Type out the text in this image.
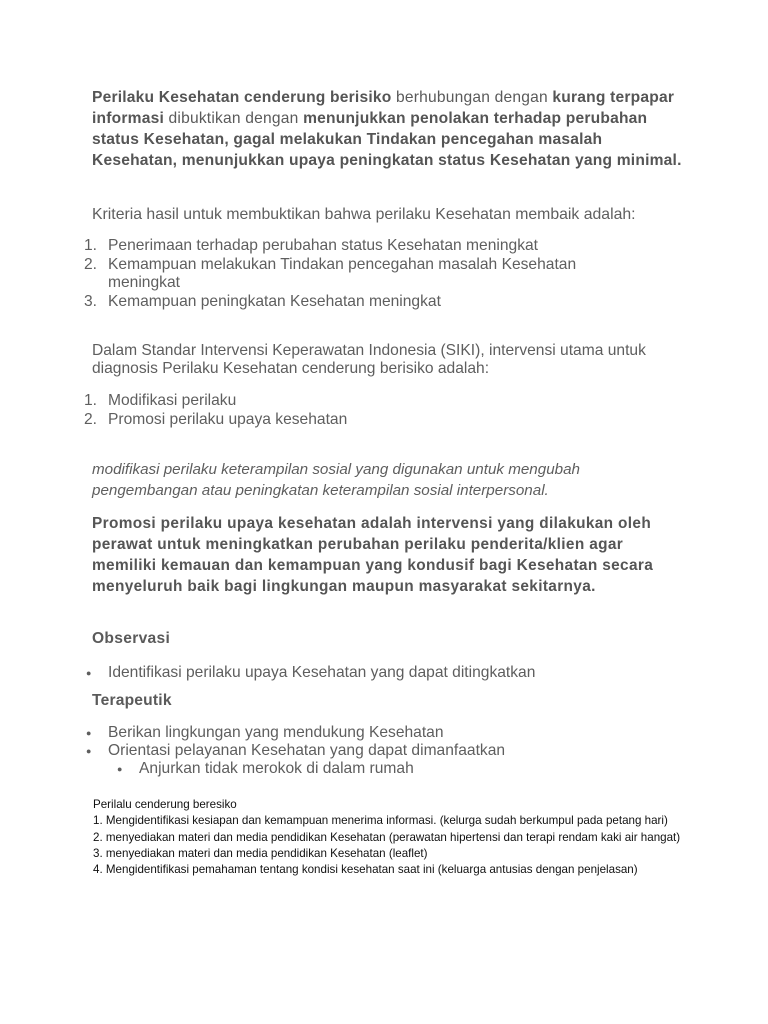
Perilaku Kesehatan cenderung berisiko berhubungan dengan kurang terpapar informasi dibuktikan dengan menunjukkan penolakan terhadap perubahan status Kesehatan, gagal melakukan Tindakan pencegahan masalah Kesehatan, menunjukkan upaya peningkatan status Kesehatan yang minimal.
Kriteria hasil untuk membuktikan bahwa perilaku Kesehatan membaik adalah:
1. Penerimaan terhadap perubahan status Kesehatan meningkat
2. Kemampuan melakukan Tindakan pencegahan masalah Kesehatan meningkat
3. Kemampuan peningkatan Kesehatan meningkat
Dalam Standar Intervensi Keperawatan Indonesia (SIKI), intervensi utama untuk diagnosis Perilaku Kesehatan cenderung berisiko adalah:
1. Modifikasi perilaku
2. Promosi perilaku upaya kesehatan
modifikasi perilaku keterampilan sosial yang digunakan untuk mengubah pengembangan atau peningkatan keterampilan sosial interpersonal.
Promosi perilaku upaya kesehatan adalah intervensi yang dilakukan oleh perawat untuk meningkatkan perubahan perilaku penderita/klien agar memiliki kemauan dan kemampuan yang kondusif bagi Kesehatan secara menyeluruh baik bagi lingkungan maupun masyarakat sekitarnya.
Observasi
●	Identifikasi perilaku upaya Kesehatan yang dapat ditingkatkan
Terapeutik
●	Berikan lingkungan yang mendukung Kesehatan
●	Orientasi pelayanan Kesehatan yang dapat dimanfaatkan
●	Anjurkan tidak merokok di dalam rumah
Perilalu cenderung beresiko
1. Mengidentifikasi kesiapan dan kemampuan menerima informasi. (kelurga sudah berkumpul pada petang hari)
2. menyediakan materi dan media pendidikan Kesehatan (perawatan hipertensi dan terapi rendam kaki air hangat)
3. menyediakan materi dan media pendidikan Kesehatan (leaflet)
4. Mengidentifikasi pemahaman tentang kondisi kesehatan saat ini (keluarga antusias dengan penjelasan)
